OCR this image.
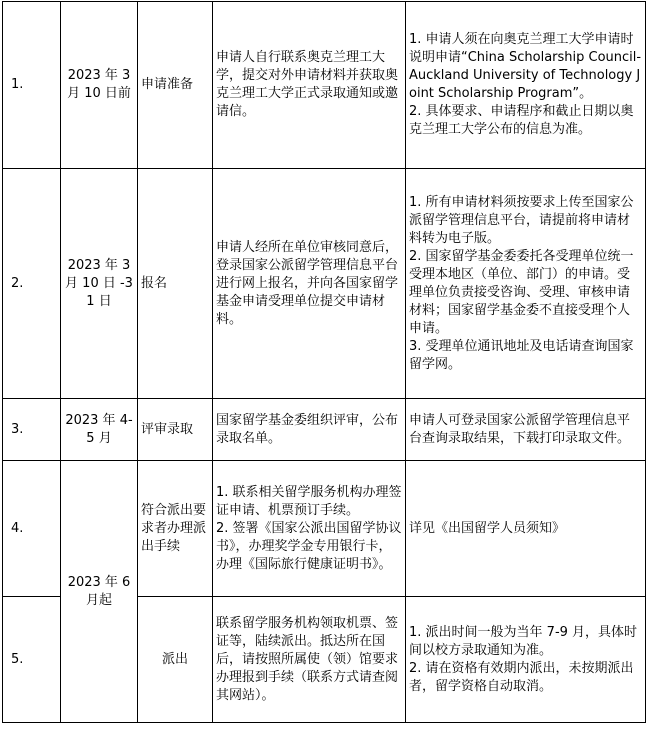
1.	2023 年 3 月 10 日前	申请准备	申请人自行联系奥克兰理工大学，提交对外申请材料并获取奥克兰理工大学正式录取通知或邀请信。	1. 申请人须在向奥克兰理工大学申请时说明申请“China Scholarship Council- Auckland University of Technology Joint Scholarship Program”。
2. 具体要求、申请程序和截止日期以奥克兰理工大学公布的信息为准。

2.	2023 年 3 月 10 日 -31 日	报名	申请人经所在单位审核同意后，登录国家公派留学管理信息平台进行网上报名，并向各国家留学基金申请受理单位提交申请材料。	1. 所有申请材料须按要求上传至国家公派留学管理信息平台，请提前将申请材料转为电子版。
2. 国家留学基金委委托各受理单位统一受理本地区（单位、部门）的申请。受理单位负责接受咨询、受理、审核申请材料；国家留学基金委不直接受理个人申请。
3. 受理单位通讯地址及电话请查询国家留学网。

3.	2023 年 4-5 月	评审录取	国家留学基金委组织评审，公布录取名单。	申请人可登录国家公派留学管理信息平台查询录取结果，下载打印录取文件。

4.	2023 年 6 月起	符合派出要求者办理派出手续	1. 联系相关留学服务机构办理签证申请、机票预订手续。
2. 签署《国家公派出国留学协议书》，办理奖学金专用银行卡，办理《国际旅行健康证明书》。	详见《出国留学人员须知》

5.		派出	联系留学服务机构领取机票、签证等，陆续派出。抵达所在国后，请按照所属使（领）馆要求办理报到手续（联系方式请查阅其网站）。	1. 派出时间一般为当年 7-9 月，具体时间以校方录取通知为准。
2. 请在资格有效期内派出，未按期派出者，留学资格自动取消。
